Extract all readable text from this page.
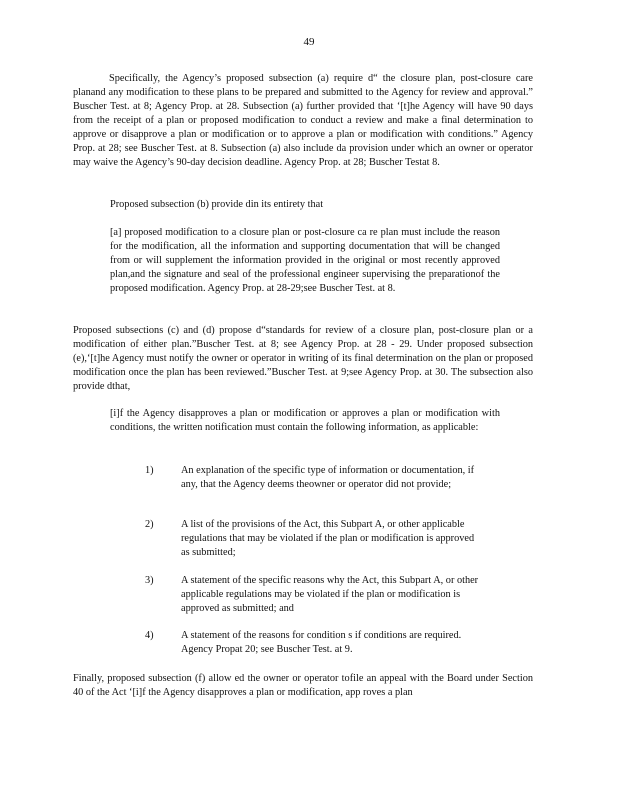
49

Specifically, the Agency’s proposed subsection (a) require d“ the closure plan, post-closure care planand any modification to these plans to be prepared and submitted to the Agency for review and approval.” Buscher Test. at 8; Agency Prop. at 28. Subsection (a) further provided that ‘[t]he Agency will have 90 days from the receipt of a plan or proposed modification to conduct a review and make a final determination to approve or disapprove a plan or modification or to approve a plan or modification with conditions.” Agency Prop. at 28; see Buscher Test. at 8. Subsection (a) also include da provision under which an owner or operator may waive the Agency’s 90-day decision deadline. Agency Prop. at 28; Buscher Testat 8.

Proposed subsection (b) provide din its entirety that

[a] proposed modification to a closure plan or post-closure ca re plan must include the reason for the modification, all the information and supporting documentation that will be changed from or will supplement the information provided in the original or most recently approved plan,and the signature and seal of the professional engineer supervising the preparationof the proposed modification. Agency Prop. at 28-29;see Buscher Test. at 8.

Proposed subsections (c) and (d) propose d“standards for review of a closure plan, post-closure plan or a modification of either plan.”Buscher Test. at 8; see Agency Prop. at 28 - 29. Under proposed subsection (e),‘[t]he Agency must notify the owner or operator in writing of its final determination on the plan or proposed modification once the plan has been reviewed.”Buscher Test. at 9;see Agency Prop. at 30. The subsection also provide dthat,

[i]f the Agency disapproves a plan or modification or approves a plan or modification with conditions, the written notification must contain the following information, as applicable:

1)	An explanation of the specific type of information or documentation, if any, that the Agency deems theowner or operator did not provide;
2)	A list of the provisions of the Act, this Subpart A, or other applicable regulations that may be violated if the plan or modification is approved as submitted;
3)	A statement of the specific reasons why the Act, this Subpart A, or other applicable regulations may be violated if the plan or modification is approved as submitted; and
4)	A statement of the reasons for condition s if conditions are required. Agency Propat 20; see Buscher Test. at 9.

Finally, proposed subsection (f) allow ed the owner or operator tofile an appeal with the Board under Section 40 of the Act ‘[i]f the Agency disapproves a plan or modification, app roves a plan
